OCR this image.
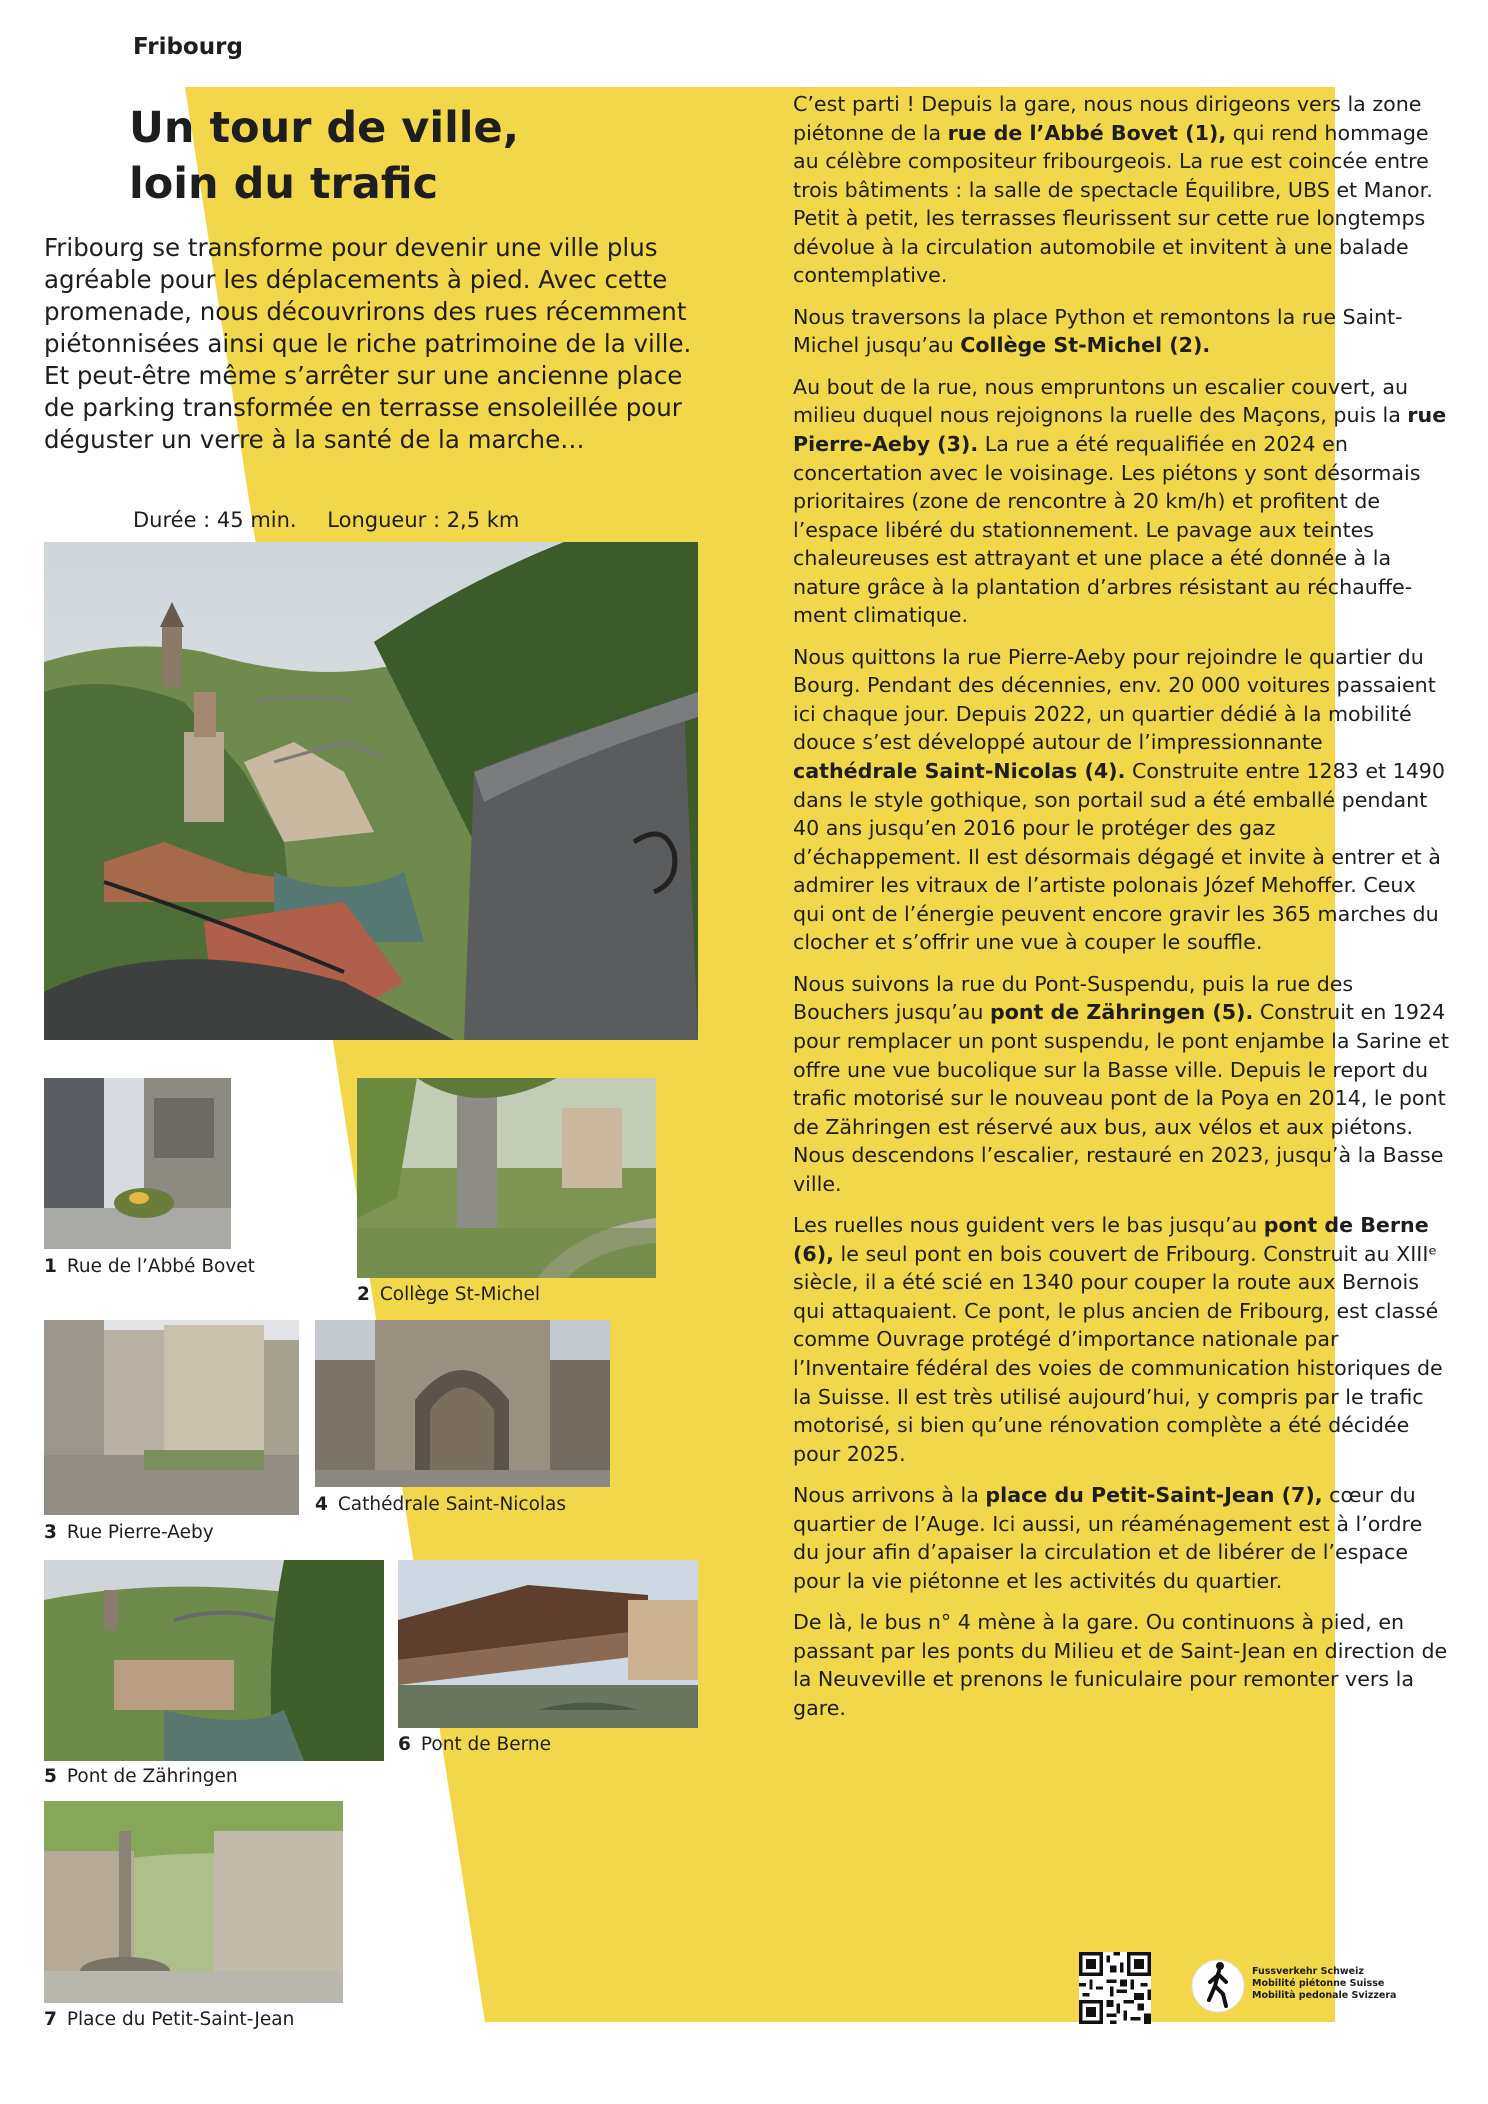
Fribourg
Un tour de ville,
loin du trafic

Fribourg se transforme pour devenir une ville plus agréable pour les déplacements à pied. Avec cette promenade, nous découvrirons des rues récemment piétonnisées ainsi que le riche patrimoine de la ville. Et peut-être même s’arrêter sur une ancienne place de parking transformée en terrasse ensoleillée pour déguster un verre à la santé de la marche…

Durée : 45 min. Longueur : 2,5 km
1 Rue de l’Abbé Bovet
2 Collège St-Michel
3 Rue Pierre-Aeby
4 Cathédrale Saint-Nicolas
5 Pont de Zähringen
6 Pont de Berne
7 Place du Petit-Saint-Jean

C’est parti ! Depuis la gare, nous nous dirigeons vers la zone piétonne de la rue de l’Abbé Bovet (1), qui rend hommage au célèbre compositeur fribourgeois. La rue est coincée entre trois bâtiments : la salle de spectacle Équilibre, UBS et Manor. Petit à petit, les terrasses fleurissent sur cette rue longtemps dévolue à la circulation automobile et invitent à une balade contemplative.

Nous traversons la place Python et remontons la rue Saint-Michel jusqu’au Collège St-Michel (2).

Au bout de la rue, nous empruntons un escalier couvert, au milieu duquel nous rejoignons la ruelle des Maçons, puis la rue Pierre-Aeby (3). La rue a été requalifiée en 2024 en concertation avec le voisinage. Les piétons y sont désormais prioritaires (zone de rencontre à 20 km/h) et profitent de l’espace libéré du stationnement. Le pavage aux teintes chaleureuses est attrayant et une place a été donnée à la nature grâce à la plantation d’arbres résistant au réchauffement climatique.

Nous quittons la rue Pierre-Aeby pour rejoindre le quartier du Bourg. Pendant des décennies, env. 20 000 voitures passaient ici chaque jour. Depuis 2022, un quartier dédié à la mobilité douce s’est développé autour de l’impressionnante cathédrale Saint-Nicolas (4). Construite entre 1283 et 1490 dans le style gothique, son portail sud a été emballé pendant 40 ans jusqu’en 2016 pour le protéger des gaz d’échappement. Il est désormais dégagé et invite à entrer et à admirer les vitraux de l’artiste polonais Józef Mehoffer. Ceux qui ont de l’énergie peuvent encore gravir les 365 marches du clocher et s’offrir une vue à couper le souffle.

Nous suivons la rue du Pont-Suspendu, puis la rue des Bouchers jusqu’au pont de Zähringen (5). Construit en 1924 pour remplacer un pont suspendu, le pont enjambe la Sarine et offre une vue bucolique sur la Basse ville. Depuis le report du trafic motorisé sur le nouveau pont de la Poya en 2014, le pont de Zähringen est réservé aux bus, aux vélos et aux piétons. Nous descendons l’escalier, restauré en 2023, jusqu’à la Basse ville.

Les ruelles nous guident vers le bas jusqu’au pont de Berne (6), le seul pont en bois couvert de Fribourg. Construit au XIIIᵉ siècle, il a été scié en 1340 pour couper la route aux Bernois qui attaquaient. Ce pont, le plus ancien de Fribourg, est classé comme Ouvrage protégé d’importance nationale par l’Inventaire fédéral des voies de communication historiques de la Suisse. Il est très utilisé aujourd’hui, y compris par le trafic motorisé, si bien qu’une rénovation complète a été décidée pour 2025.

Nous arrivons à la place du Petit-Saint-Jean (7), cœur du quartier de l’Auge. Ici aussi, un réaménagement est à l’ordre du jour afin d’apaiser la circulation et de libérer de l’espace pour la vie piétonne et les activités du quartier.

De là, le bus n° 4 mène à la gare. Ou continuons à pied, en passant par les ponts du Milieu et de Saint-Jean en direction de la Neuveville et prenons le funiculaire pour remonter vers la gare.

Fussverkehr Schweiz
Mobilité piétonne Suisse
Mobilità pedonale Svizzera
